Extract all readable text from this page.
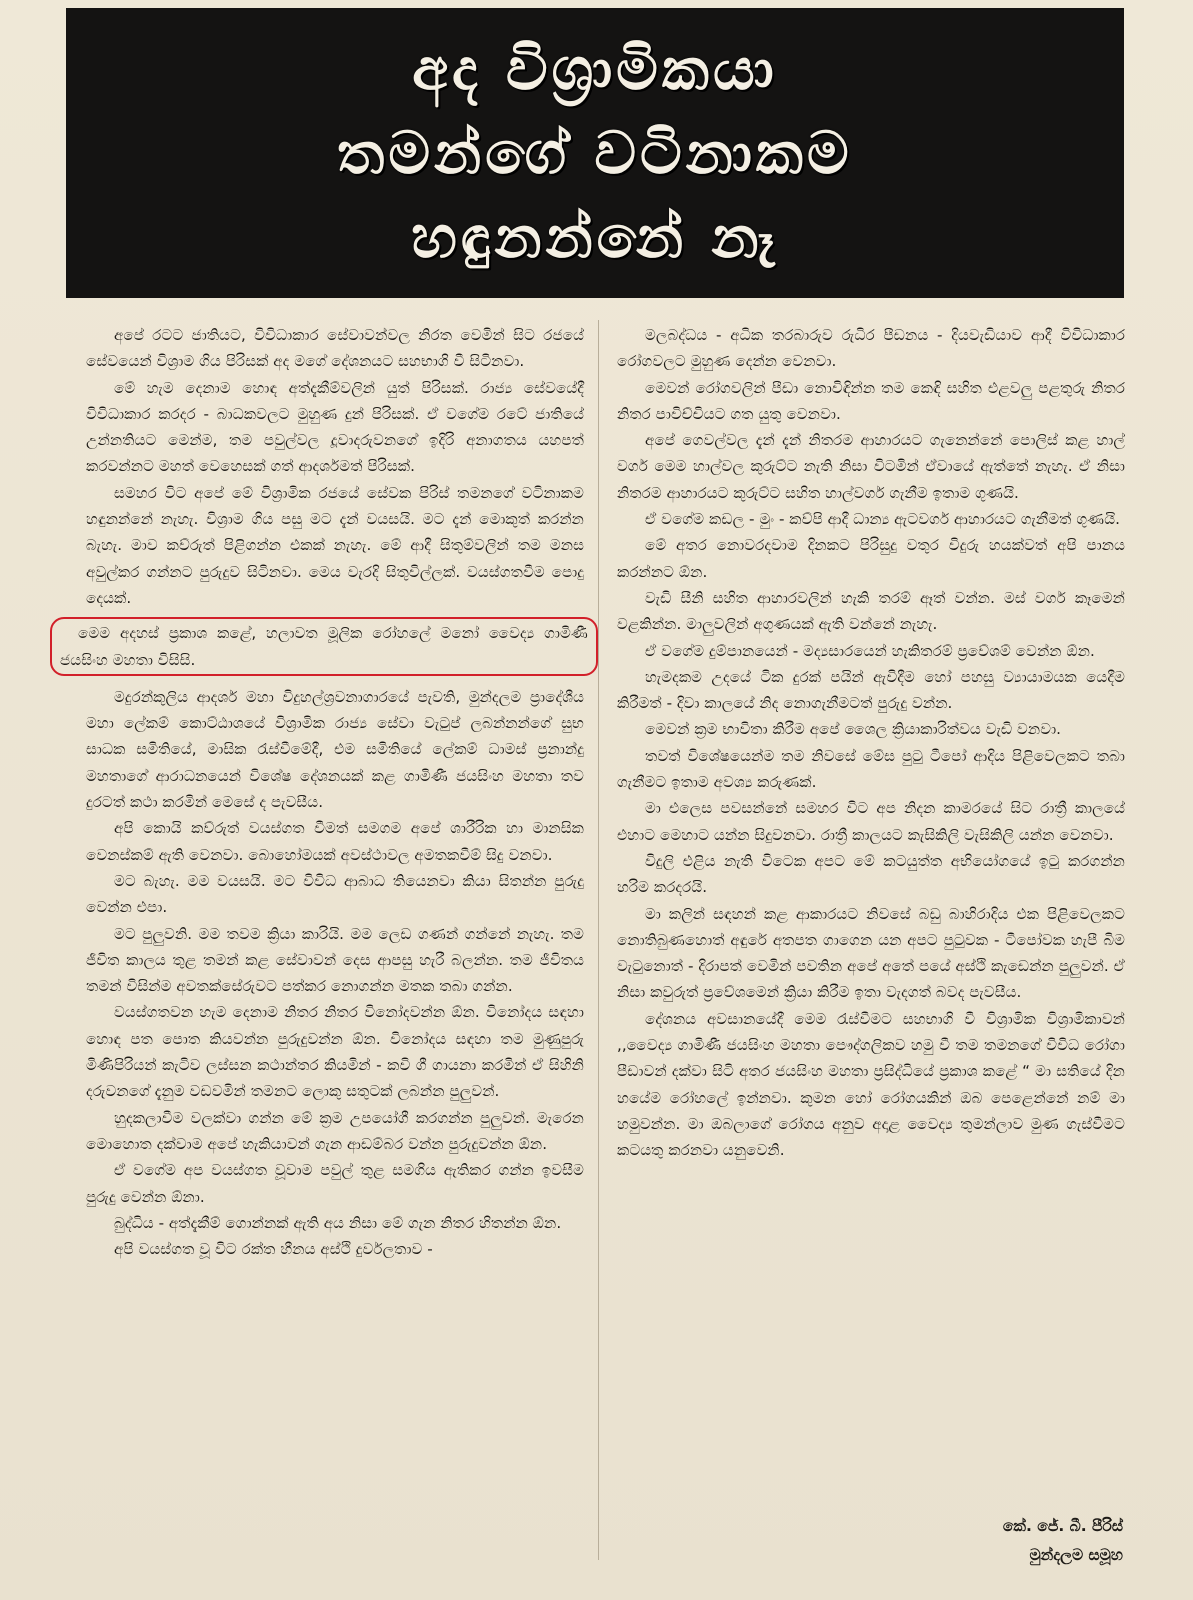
අද විශ්‍රාමිකයා
තමන්ගේ වටිනාකම
හඳුනන්නේ නෑ

අපේ රටට ජාතියට, විවිධාකාර සේවාවන්වල නිරත වෙමින් සිට රජයේ සේවයෙන් විශ්‍රාම ගිය පිරිසක් අද මගේ දේශනයට සහභාගි වී සිටිනවා.

මේ හැම දෙනාම හොඳ අත්දැකීම්වලින් යුත් පිරිසක්. රාජ්‍ය සේවයේදී විවිධාකාර කරදර - බාධකවලට මුහුණ දුන් පිරිසක්. ඒ වගේම රටේ ජාතියේ උන්නතියට මෙන්ම, තම පවුල්වල දූවාදරුවනගේ ඉදිරි අනාගතය යහපත් කරවන්නට මහත් වෙහෙසක් ගත් ආදර්ශමත් පිරිසක්.

සමහර විට අපේ මේ විශ්‍රාමික රජයේ සේවක පිරිස් තමනගේ වටිනාකම හඳුනන්නේ නැහැ. විශ්‍රාම ගිය පසු මට දැන් වයසයි. මට දැන් මොකුත් කරන්න බැහැ. මාව කව්රුත් පිළිගන්න එකක් නැහැ. මේ ආදී සිතුම්වලින් තම මනස අවුල්කර ගන්නට පුරුදුව සිටිනවා. මෙය වැරදි සිතුවිල්ලක්. වයස්ගතවීම පොදු දෙයක්.

මෙම අදහස් ප්‍රකාශ කළේ, හලාවත මූලික රෝහලේ මනෝ වෛද්‍ය ගාමිණී ජයසිංහ මහතා විසිසි.

මදුරන්කුලිය ආදර්ශ මහා විදුහල්ශ්‍රවනාගාරයේ පැවති, මුන්දලම ප්‍රාදේශීය මහා ලේකම් කොට්ඨාශයේ විශ්‍රාමික රාජ්‍ය සේවා වැටුප් ලබන්නන්ගේ සුභ සාධක සමිතියේ, මාසික රැස්වීමේදී, එම සමිතියේ ලේකම් ධාමස් ප්‍රනාන්දු මහතාගේ ආරාධනයෙන් විශේෂ දේශනයක් කළ ගාමිණී ජයසිංහ මහතා තව දුරටත් කථා කරමින් මෙසේ ද පැවසීය.

අපි කොයි කව්රුත් වයස්ගත වීමත් සමගම අපේ ශාරීරික හා මානසික වෙනස්කම් ඇති වෙනවා. බොහෝමයක් අවස්ථාවල අමතකවීම් සිදු වනවා.

මට බැහැ. මම වයසයි. මට විවිධ ආබාධ තියෙනවා කියා සිතන්න පුරුදු වෙන්න එපා.

මට පුලුවනි. මම තවම ක්‍රියා කාරියි. මම ලෙඩ ගණන් ගන්නේ නැහැ. තම ජීවිත කාලය තුළ තමන් කළ සේවාවන් දෙස ආපසු හැරී බලන්න. තම ජීවිතය තමන් විසින්ම අවතක්සේරුවට පත්කර නොගන්න මතක තබා ගන්න.

වයස්ගතවන හැම දෙනාම නිතර නිතර විනෝදවන්න ඕන. විනෝදය සඳහා හොඳ පත පොත කියවන්න පුරුදුවන්න ඕන. විනෝදය සඳහා තම මුණුපුරු මිණිපිරියන් කැටිව ලස්සන කථාන්තර කියමින් - කවි ගී ගායනා කරමින් ඒ සිහිනි දරුවනගේ දැනුම වඩවමින් තමනට ලොකු සතුටක් ලබන්න පුලුවන්.

හුදකලාවීම වලක්වා ගන්න මේ ක්‍රම උපයෝගී කරගන්න පුලුවන්. මැරෙන මොහොත දක්වාම අපේ හැකියාවන් ගැන ආඩම්බර වන්න පුරුදුවන්න ඕන.

ඒ වගේම අප වයස්ගත වූවාම පවුල් තුළ සමගිය ඇතිකර ගන්න ඉවසීම පුරුදු වෙන්න ඕනා.

බුද්ධිය - අත්දැකීම් ගොන්නක් ඇති අය නිසා මේ ගැන නිතර හිතන්න ඕන.

අපි වයස්ගත වූ විට රක්ත හීනය අස්ථි දුර්වලතාව -

මලබද්ධය - අධික තරබාරුව රුධිර පීඩනය - දියවැඩියාව ආදී විවිධාකාර රෝගවලට මුහුණ දෙන්න වෙනවා.

මෙවන් රෝගවලින් පීඩා නොවිඳින්න තම කෙඳි සහිත එළවලු පළතුරු නිතර නිතර පාවිච්චියට ගත යුතු වෙනවා.

අපේ ගෙවල්වල දැන් දැන් නිතරම ආහාරයට ගැනෙන්නේ පොලිස් කළ හාල් වර්ග මෙම හාල්වල කුරුට්ට නැති නිසා විටමින් ඒවායේ ඇත්තේ නැහැ. ඒ නිසා නිතරම ආහාරයට කුරුට්ට සහිත හාල්වර්ග ගැනීම ඉතාම ගුණයි.

ඒ වගේම කඩල - මුං - කව්පි ආදී ධාන්‍ය ඇටවර්ග ආහාරයට ගැනීමත් ගුණයි.

මේ අතර නොවරදවාම දිනකට පිරිසුදු වතුර විදුරු හයක්වත් අපි පානය කරන්නට ඕන.

වැඩි සීනි සහිත ආහාරවලින් හැකි තරම් ඈත් වන්න. මස් වර්ග කෑමෙන් වළකින්න. මාලුවලින් අගුණයක් ඇති වන්නේ නැහැ.

ඒ වගේම දුම්පානයෙන් - මද්‍යසාරයෙන් හැකිතරම් ප්‍රවේශම් වෙන්න ඕන.

හැමදකම උදයේ ටික දුරක් පයින් ඇවිදීම හෝ පහසු ව්‍යායාමයක යෙදීම කිරීමත් - දිවා කාලයේ නිද නොගැනීමටත් පුරුදු වන්න.

මෙවන් ක්‍රම භාවිතා කිරීම අපේ ශෛල ක්‍රියාකාරිත්වය වැඩි වනවා.

තවත් විශේෂයෙන්ම තම නිවසේ මේස පුටු ටීපෝ ආදිය පිළිවෙලකට තබා ගැනීමට ඉතාම අවශ්‍ය කරුණක්.

මා එලෙස පවසන්නේ සමහර විට අප නිදන කාමරයේ සිට රාත්‍රී කාලයේ එහාට මෙහාට යන්න සිදුවනවා. රාත්‍රී කාලයට කැසිකිලි වැසිකිලි යන්න වෙනවා.

විදුලි එළිය නැති විටෙක අපට මේ කටයුත්ත අභියෝගයේ ඉටු කරගන්න හරිම කරදරයි.

මා කලින් සඳහන් කළ ආකාරයට නිවසේ බඩු බාහිරාදිය එක පිළිවෙලකට නොතිබුණහොත් අඳුරේ අතපත ගාගෙන යන අපට පුටුවක - ටීපෝවක හැපී බිම වැටුනොත් - දිරාපත් වෙමින් පවතින අපේ අතේ පයේ අස්ථි කැඩෙන්න පුලුවන්. ඒ නිසා කවුරුත් ප්‍රවේශමෙන් ක්‍රියා කිරීම ඉතා වැදගත් බවද පැවසීය.

දේශනය අවසානයේදී මෙම රැස්වීමට සහභාගි වී විශ්‍රාමික විශ්‍රාමිකාවන් ,,වෛද්‍ය ගාමිණී ජයසිංහ මහතා පෞද්ගලිකව හමු වී තම තමනගේ විවිධ රෝගා පීඩාවන් දක්වා සිටි අතර ජයසිංහ මහතා ප්‍රසිද්ධියේ ප්‍රකාශ කළේ “ මා සතියේ දින හයේම රෝහලේ ඉන්නවා. කුමන හෝ රෝගයකින් ඔබ පෙළෙන්නේ නම් මා හමුවන්න. මා ඔබලාගේ රෝගය අනුව අදාළ වෛද්‍ය තුමන්ලාව මුණ ගැස්වීමට කටයතු කරනවා යනුවෙනි.

කේ. ජේ. බී. පීරිස්
මුන්දලම සමූහ
